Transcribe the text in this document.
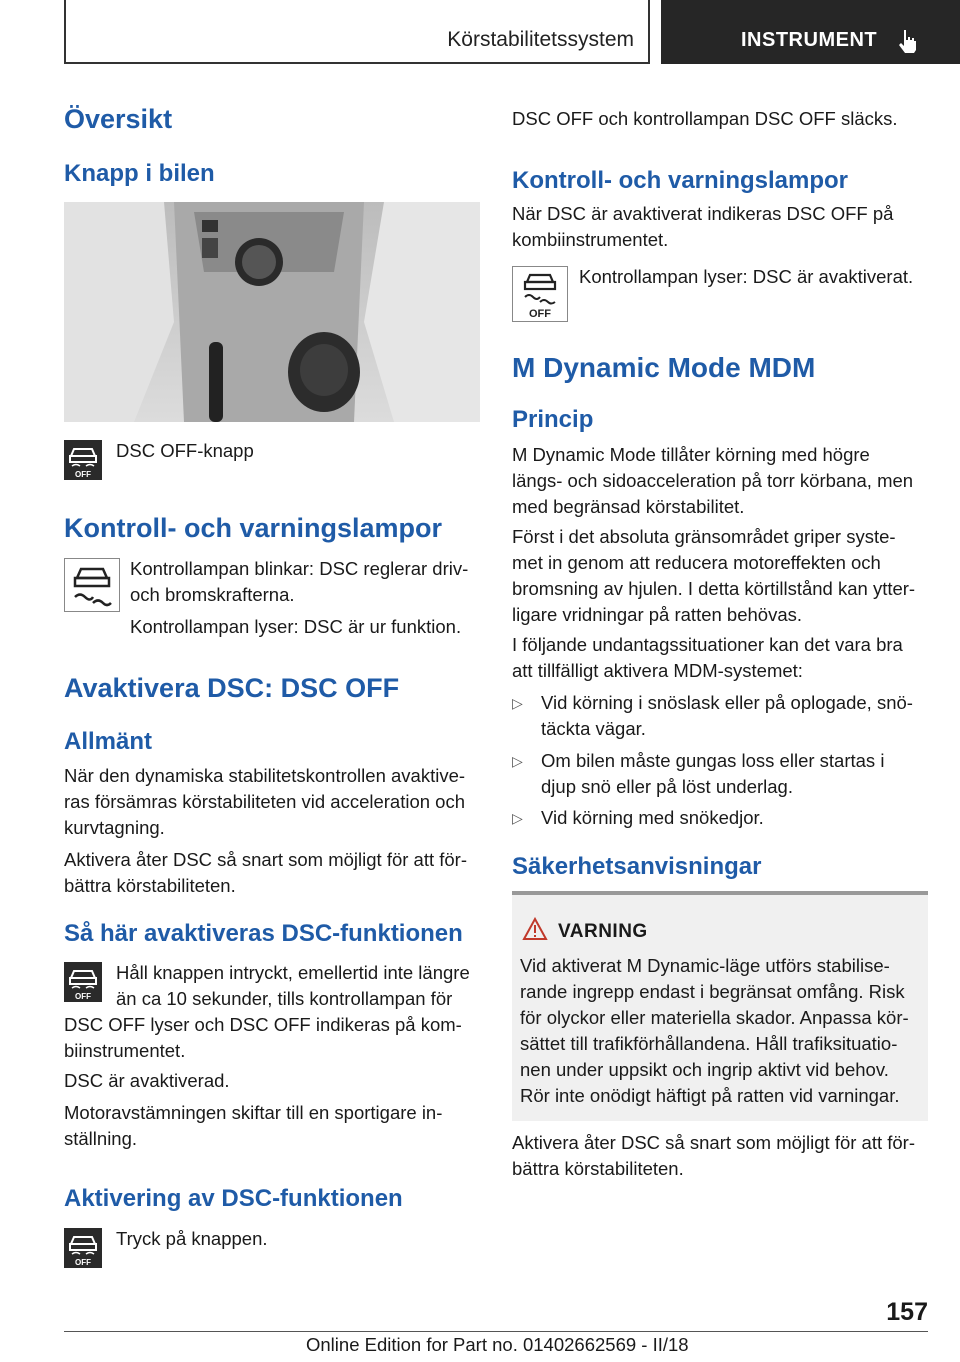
Körstabilitetssystem	INSTRUMENT
Översikt
Knapp i bilen
OFF
DSC OFF-knapp
Kontroll- och varningslampor
Kontrollampan blinkar: DSC reglerar driv-
och bromskrafterna.
Kontrollampan lyser: DSC är ur funktion.
Avaktivera DSC: DSC OFF
Allmänt
När den dynamiska stabilitetskontrollen avaktive-
ras försämras körstabiliteten vid acceleration och
kurvtagning.
Aktivera åter DSC så snart som möjligt för att för-
bättra körstabiliteten.
Så här avaktiveras DSC-funktionen
OFF
Håll knappen intryckt, emellertid inte längre
än ca 10 sekunder, tills kontrollampan för
DSC OFF lyser och DSC OFF indikeras på kom-
biinstrumentet.
DSC är avaktiverad.
Motoravstämningen skiftar till en sportigare in-
ställning.
Aktivering av DSC-funktionen
OFF
Tryck på knappen.
DSC OFF och kontrollampan DSC OFF släcks.
Kontroll- och varningslampor
När DSC är avaktiverat indikeras DSC OFF på
kombiinstrumentet.
OFF
Kontrollampan lyser: DSC är avaktiverat.
M Dynamic Mode MDM
Princip
M Dynamic Mode tillåter körning med högre
längs- och sidoacceleration på torr körbana, men
med begränsad körstabilitet.
Först i det absoluta gränsområdet griper syste-
met in genom att reducera motoreffekten och
bromsning av hjulen. I detta körtillstånd kan ytter-
ligare vridningar på ratten behövas.
I följande undantagssituationer kan det vara bra
att tillfälligt aktivera MDM-systemet:
▷ Vid körning i snöslask eller på oplogade, snö-
täckta vägar.
▷ Om bilen måste gungas loss eller startas i
djup snö eller på löst underlag.
▷ Vid körning med snökedjor.
Säkerhetsanvisningar
VARNING
Vid aktiverat M Dynamic-läge utförs stabilise-
rande ingrepp endast i begränsat omfång. Risk
för olyckor eller materiella skador. Anpassa kör-
sättet till trafikförhållandena. Håll trafiksituatio-
nen under uppsikt och ingrip aktivt vid behov.
Rör inte onödigt häftigt på ratten vid varningar.
Aktivera åter DSC så snart som möjligt för att för-
bättra körstabiliteten.
157
Online Edition for Part no. 01402662569 - II/18
